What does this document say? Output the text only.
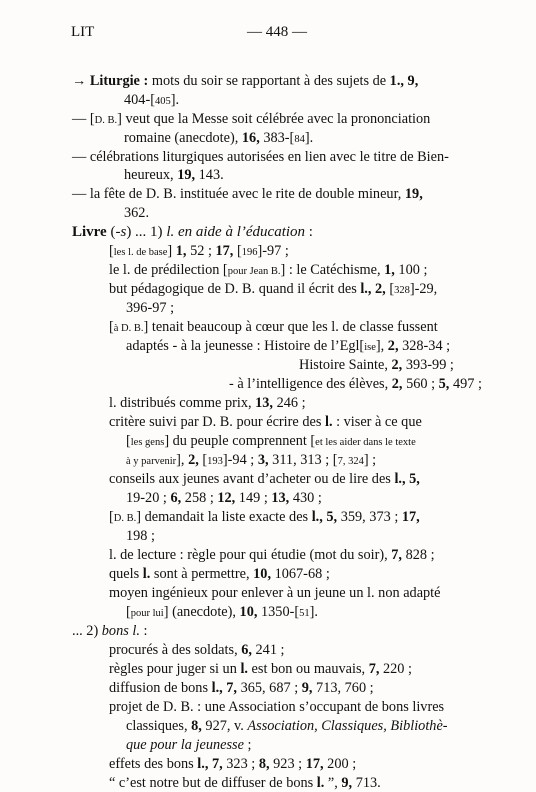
LIT	— 448 —
→ Liturgie : mots du soir se rapportant à des sujets de 1., 9,
404-[405].
— [D. B.] veut que la Messe soit célébrée avec la prononciation
romaine (anecdote), 16, 383-[84].
— célébrations liturgiques autorisées en lien avec le titre de Bien-
heureux, 19, 143.
— la fête de D. B. instituée avec le rite de double mineur, 19,
362.
Livre (-s) ... 1) l. en aide à l’éducation :
[les l. de base] 1, 52 ; 17, [196]-97 ;
le l. de prédilection [pour Jean B.] : le Catéchisme, 1, 100 ;
but pédagogique de D. B. quand il écrit des l., 2, [328]-29,
396-97 ;
[à D. B.] tenait beaucoup à cœur que les l. de classe fussent
adaptés - à la jeunesse : Histoire de l’Egl[ise], 2, 328-34 ;
Histoire Sainte, 2, 393-99 ;
- à l’intelligence des élèves, 2, 560 ; 5, 497 ;
l. distribués comme prix, 13, 246 ;
critère suivi par D. B. pour écrire des l. : viser à ce que
[les gens] du peuple comprennent [et les aider dans le texte
à y parvenir], 2, [193]-94 ; 3, 311, 313 ; [7, 324] ;
conseils aux jeunes avant d’acheter ou de lire des l., 5,
19-20 ; 6, 258 ; 12, 149 ; 13, 430 ;
[D. B.] demandait la liste exacte des l., 5, 359, 373 ; 17,
198 ;
l. de lecture : règle pour qui étudie (mot du soir), 7, 828 ;
quels l. sont à permettre, 10, 1067-68 ;
moyen ingénieux pour enlever à un jeune un l. non adapté
[pour lui] (anecdote), 10, 1350-[51].
... 2) bons l. :
procurés à des soldats, 6, 241 ;
règles pour juger si un l. est bon ou mauvais, 7, 220 ;
diffusion de bons l., 7, 365, 687 ; 9, 713, 760 ;
projet de D. B. : une Association s’occupant de bons livres
classiques, 8, 927, v. Association, Classiques, Bibliothè-
que pour la jeunesse ;
effets des bons l., 7, 323 ; 8, 923 ; 17, 200 ;
“ c’est notre but de diffuser de bons l. ”, 9, 713.
